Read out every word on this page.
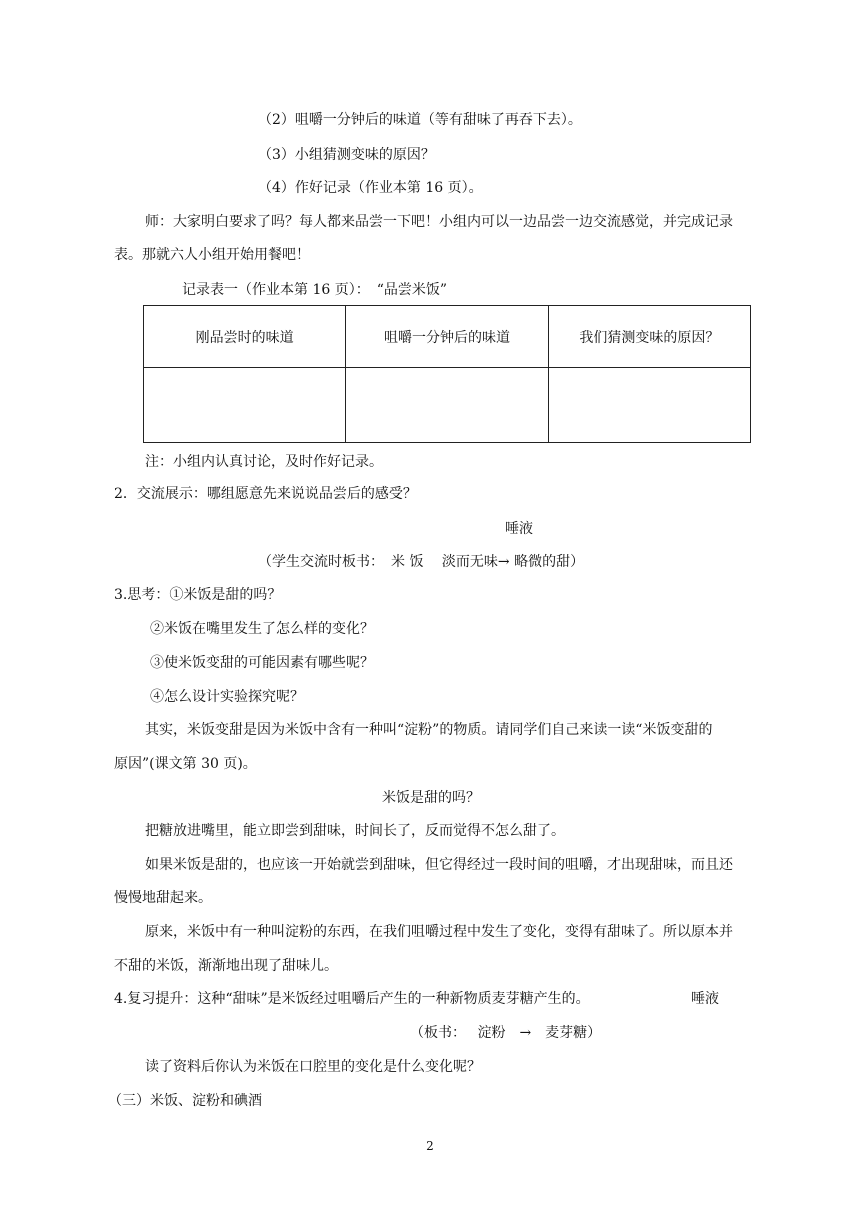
（2）咀嚼一分钟后的味道（等有甜味了再吞下去）。
（3）小组猜测变味的原因？
（4）作好记录（作业本第 16 页）。
师：大家明白要求了吗？每人都来品尝一下吧！小组内可以一边品尝一边交流感觉，并完成记录
表。那就六人小组开始用餐吧！
记录表一（作业本第 16 页）：　“品尝米饭”
刚品尝时的味道	咀嚼一分钟后的味道	我们猜测变味的原因？

注：小组内认真讨论，及时作好记录。
2．交流展示：哪组愿意先来说说品尝后的感受？
唾液
（学生交流时板书：　米 饭　 淡而无味→ 略微的甜）
3.思考：①米饭是甜的吗？
②米饭在嘴里发生了怎么样的变化？
③使米饭变甜的可能因素有哪些呢？
④怎么设计实验探究呢？
其实，米饭变甜是因为米饭中含有一种叫“淀粉”的物质。请同学们自己来读一读“米饭变甜的
原因”(课文第 30 页)。
米饭是甜的吗？
把糖放进嘴里，能立即尝到甜味，时间长了，反而觉得不怎么甜了。
如果米饭是甜的，也应该一开始就尝到甜味，但它得经过一段时间的咀嚼，才出现甜味，而且还
慢慢地甜起来。
原来，米饭中有一种叫淀粉的东西，在我们咀嚼过程中发生了变化，变得有甜味了。所以原本并
不甜的米饭，渐渐地出现了甜味儿。
4.复习提升：这种“甜味”是米饭经过咀嚼后产生的一种新物质麦芽糖产生的。	唾液
（板书：　 淀粉　→　麦芽糖）
读了资料后你认为米饭在口腔里的变化是什么变化呢？
（三）米饭、淀粉和碘酒
2
